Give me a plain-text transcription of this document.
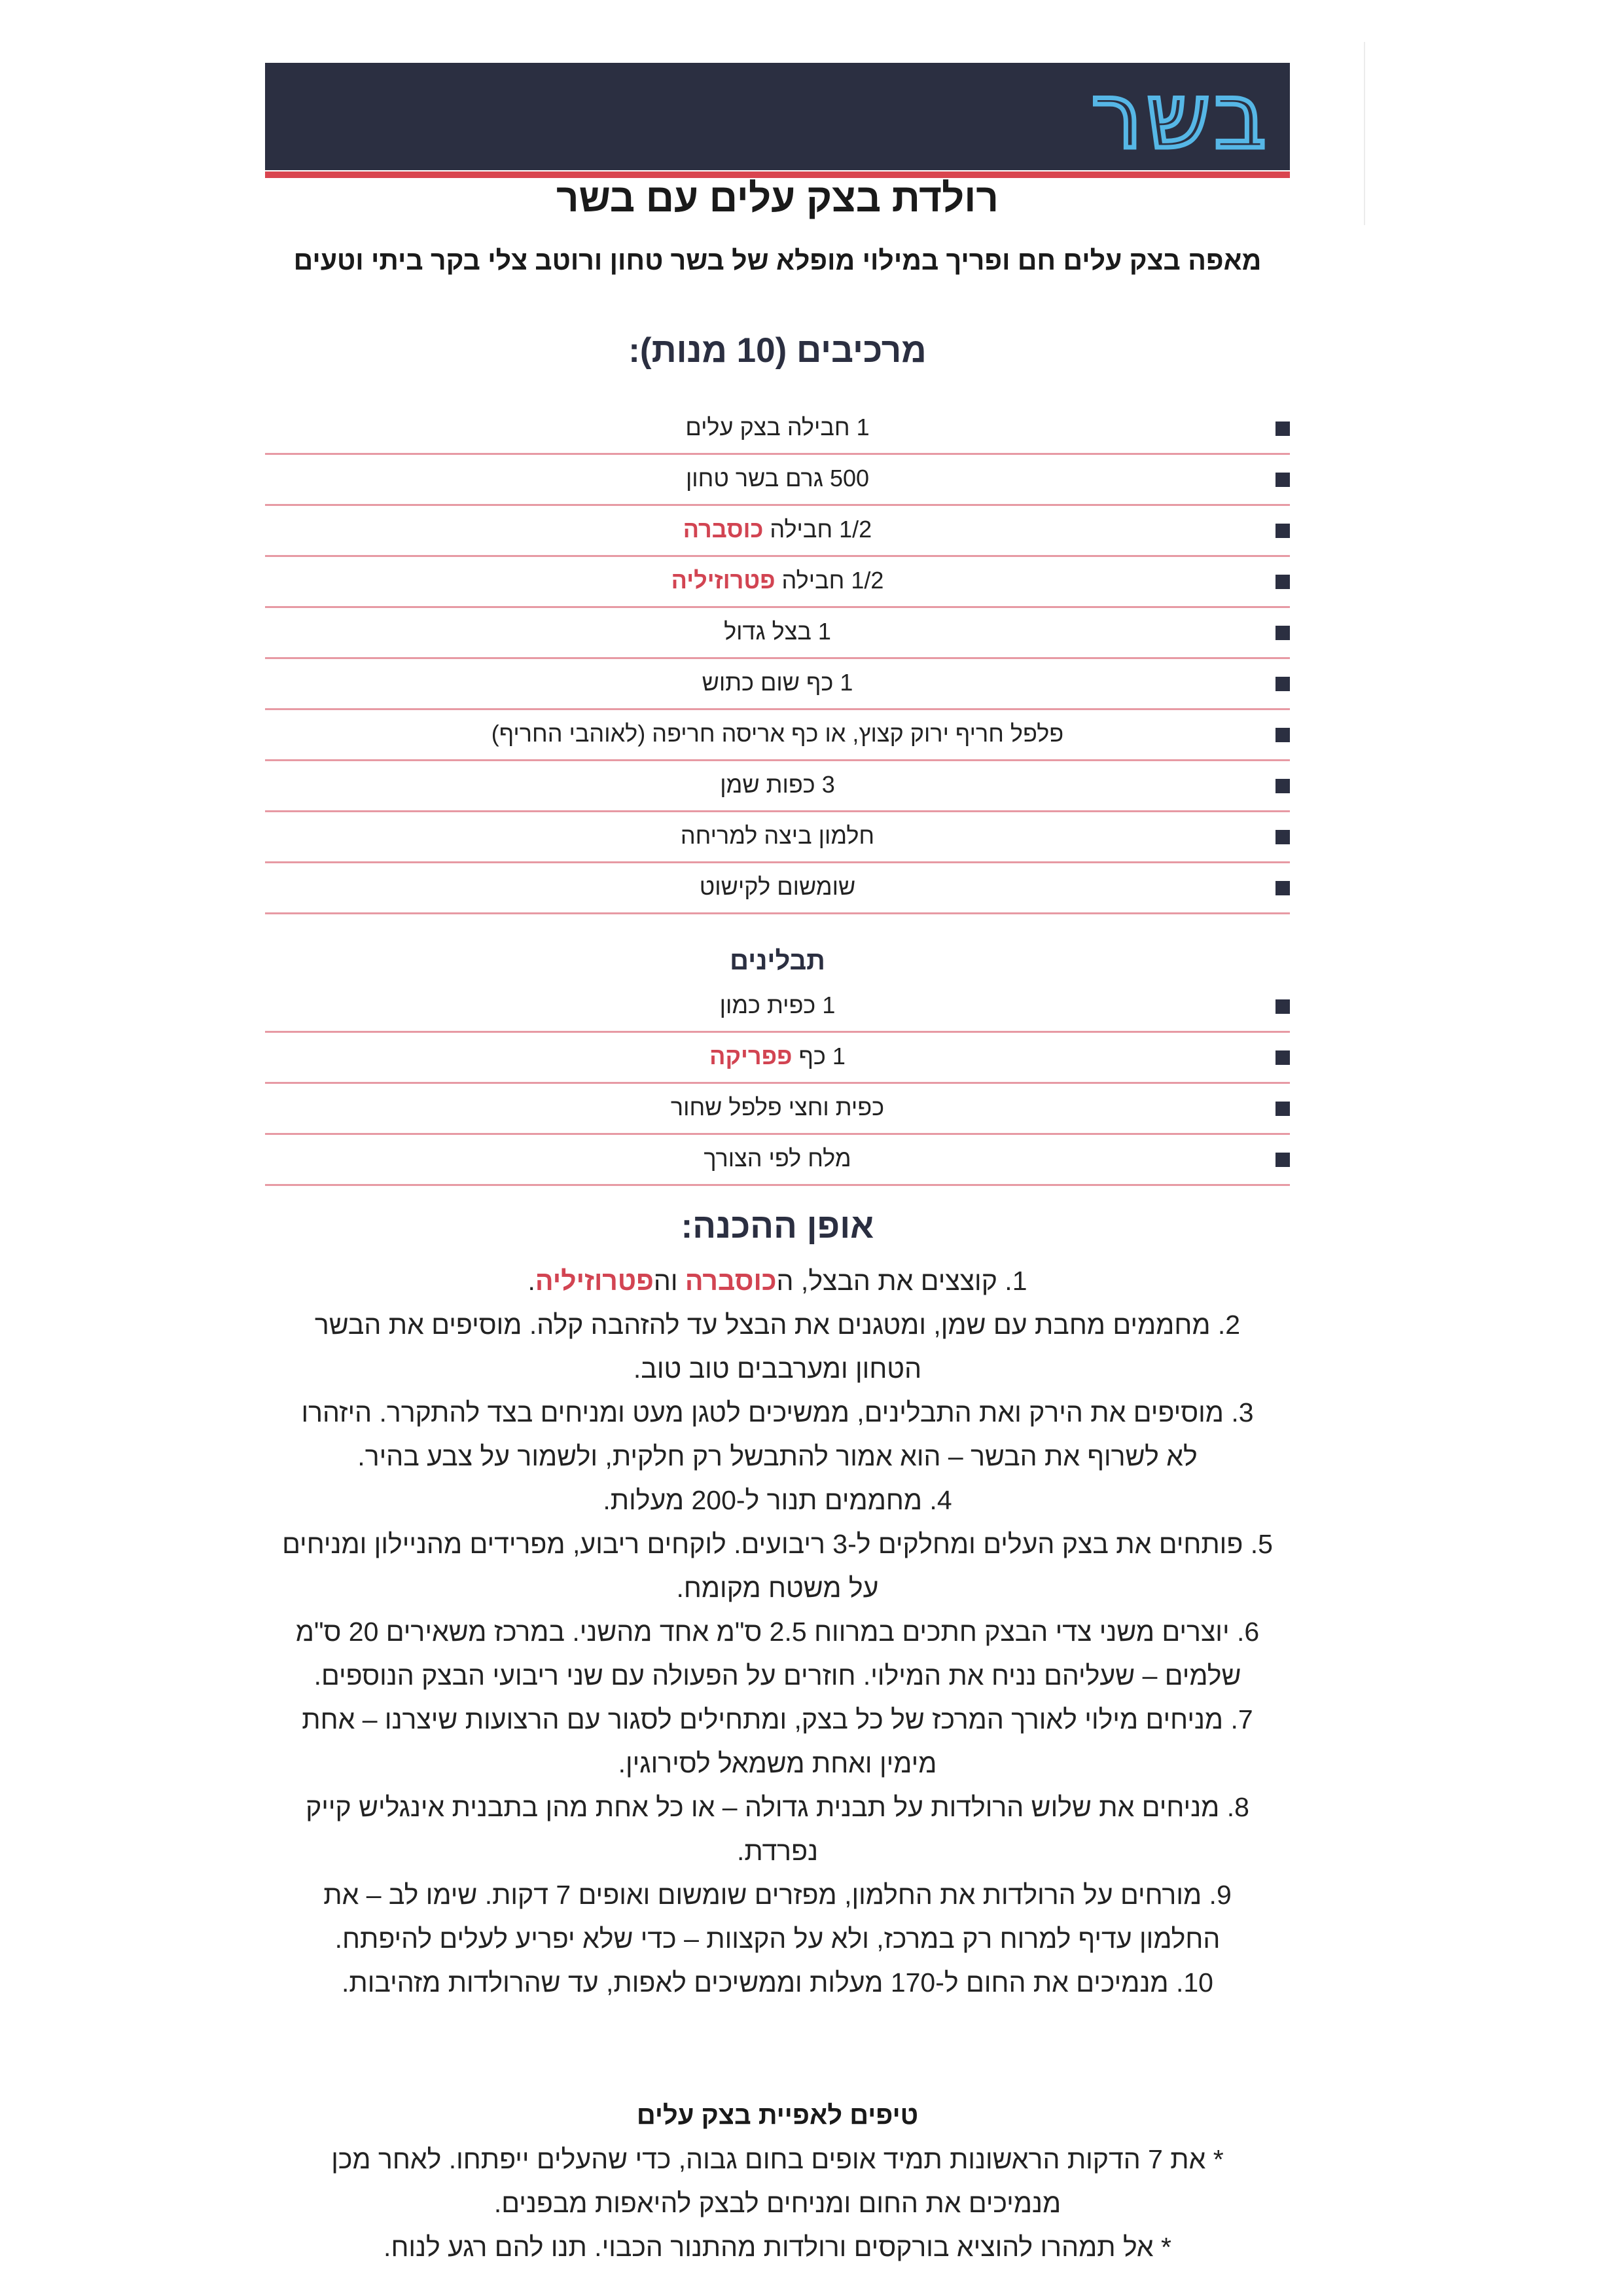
בשר
רולדת בצק עלים עם בשר
מאפה בצק עלים חם ופריך במילוי מופלא של בשר טחון ורוטב צלי בקר ביתי וטעים
מרכיבים (10 מנות):
1 חבילה בצק עלים
500 גרם בשר טחון
1/2 חבילה כוסברה
1/2 חבילה פטרוזיליה
1 בצל גדול
1 כף שום כתוש
פלפל חריף ירוק קצוץ, או כף אריסה חריפה (לאוהבי החריף)
3 כפות שמן
חלמון ביצה למריחה
שומשום לקישוט
תבלינים
1 כפית כמון
1 כף פפריקה
כפית וחצי פלפל שחור
מלח לפי הצורך
אופן ההכנה:
1. קוצצים את הבצל, הכוסברה והפטרוזיליה.
2. מחממים מחבת עם שמן, ומטגנים את הבצל עד להזהבה קלה. מוסיפים את הבשר
הטחון ומערבבים טוב טוב.
3. מוסיפים את הירק ואת התבלינים, ממשיכים לטגן מעט ומניחים בצד להתקרר. היזהרו
לא לשרוף את הבשר – הוא אמור להתבשל רק חלקית, ולשמור על צבע בהיר.
4. מחממים תנור ל-200 מעלות.
5. פותחים את בצק העלים ומחלקים ל-3 ריבועים. לוקחים ריבוע, מפרידים מהניילון ומניחים
על משטח מקומח.
6. יוצרים משני צדי הבצק חתכים במרווח 2.5 ס"מ אחד מהשני. במרכז משאירים 20 ס"מ
שלמים – שעליהם נניח את המילוי. חוזרים על הפעולה עם שני ריבועי הבצק הנוספים.
7. מניחים מילוי לאורך המרכז של כל בצק, ומתחילים לסגור עם הרצועות שיצרנו – אחת
מימין ואחת משמאל לסירוגין.
8. מניחים את שלוש הרולדות על תבנית גדולה – או כל אחת מהן בתבנית אינגליש קייק
נפרדת.
9. מורחים על הרולדות את החלמון, מפזרים שומשום ואופים 7 דקות. שימו לב – את
החלמון עדיף למרוח רק במרכז, ולא על הקצוות – כדי שלא יפריע לעלים להיפתח.
10. מנמיכים את החום ל-170 מעלות וממשיכים לאפות, עד שהרולדות מזהיבות.
טיפים לאפיית בצק עלים
* את 7 הדקות הראשונות תמיד אופים בחום גבוה, כדי שהעלים ייפתחו. לאחר מכן
מנמיכים את החום ומניחים לבצק להיאפות מבפנים.
* אל תמהרו להוציא בורקסים ורולדות מהתנור הכבוי. תנו להם רגע לנוח.
